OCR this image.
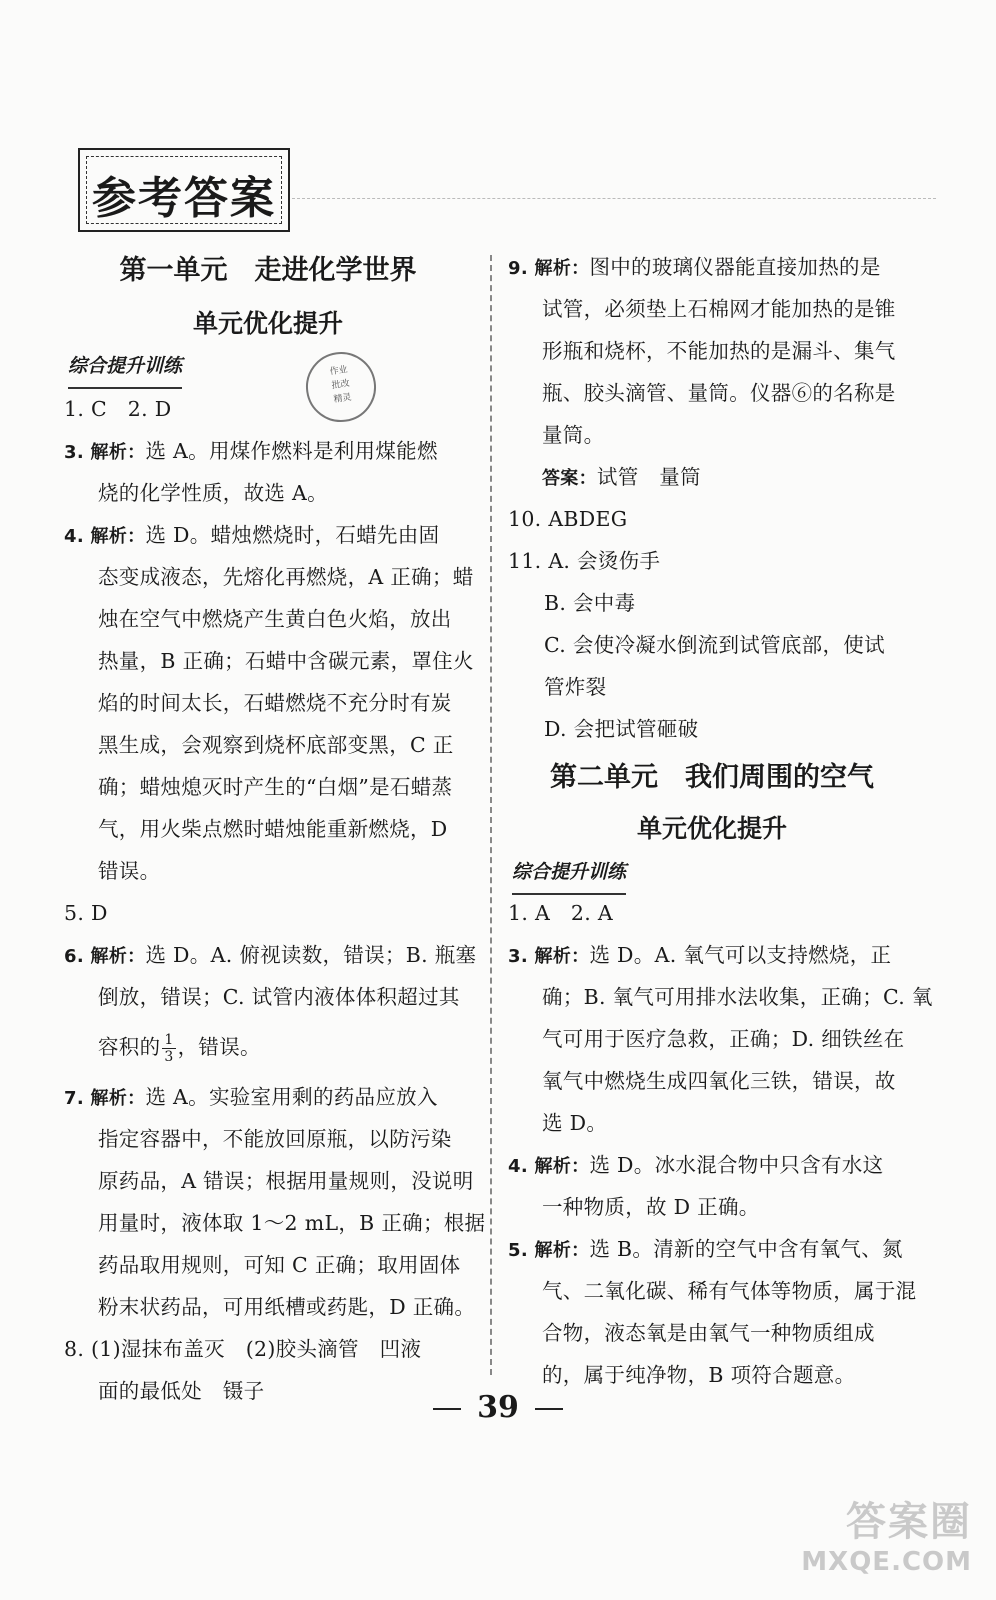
参考答案
作业
批改
精灵
第一单元　走进化学世界
单元优化提升
综合提升训练
1. C　2. D
3. 解析：选 A。用煤作燃料是利用煤能燃
烧的化学性质，故选 A。
4. 解析：选 D。蜡烛燃烧时，石蜡先由固
态变成液态，先熔化再燃烧，A 正确；蜡
烛在空气中燃烧产生黄白色火焰，放出
热量，B 正确；石蜡中含碳元素，罩住火
焰的时间太长，石蜡燃烧不充分时有炭
黑生成，会观察到烧杯底部变黑，C 正
确；蜡烛熄灭时产生的“白烟”是石蜡蒸
气，用火柴点燃时蜡烛能重新燃烧，D
错误。
5. D
6. 解析：选 D。A. 俯视读数，错误；B. 瓶塞
倒放，错误；C. 试管内液体体积超过其
容积的 $\frac{1}{3}$ ，错误。
7. 解析：选 A。实验室用剩的药品应放入
指定容器中，不能放回原瓶，以防污染
原药品，A 错误；根据用量规则，没说明
用量时，液体取 1～2 mL，B 正确；根据
药品取用规则，可知 C 正确；取用固体
粉末状药品，可用纸槽或药匙，D 正确。
8. (1)湿抹布盖灭　(2)胶头滴管　凹液
面的最低处　镊子
9. 解析：图中的玻璃仪器能直接加热的是
试管，必须垫上石棉网才能加热的是锥
形瓶和烧杯，不能加热的是漏斗、集气
瓶、胶头滴管、量筒。仪器⑥的名称是
量筒。
答案：试管　量筒
10. ABDEG
11. A. 会烫伤手
B. 会中毒
C. 会使冷凝水倒流到试管底部，使试
管炸裂
D. 会把试管砸破
第二单元　我们周围的空气
单元优化提升
综合提升训练
1. A　2. A
3. 解析：选 D。A. 氧气可以支持燃烧，正
确；B. 氧气可用排水法收集，正确；C. 氧
气可用于医疗急救，正确；D. 细铁丝在
氧气中燃烧生成四氧化三铁，错误，故
选 D。
4. 解析：选 D。冰水混合物中只含有水这
一种物质，故 D 正确。
5. 解析：选 B。清新的空气中含有氧气、氮
气、二氧化碳、稀有气体等物质，属于混
合物，液态氧是由氧气一种物质组成
的，属于纯净物，B 项符合题意。
39
答案圈
MXQE.COM
